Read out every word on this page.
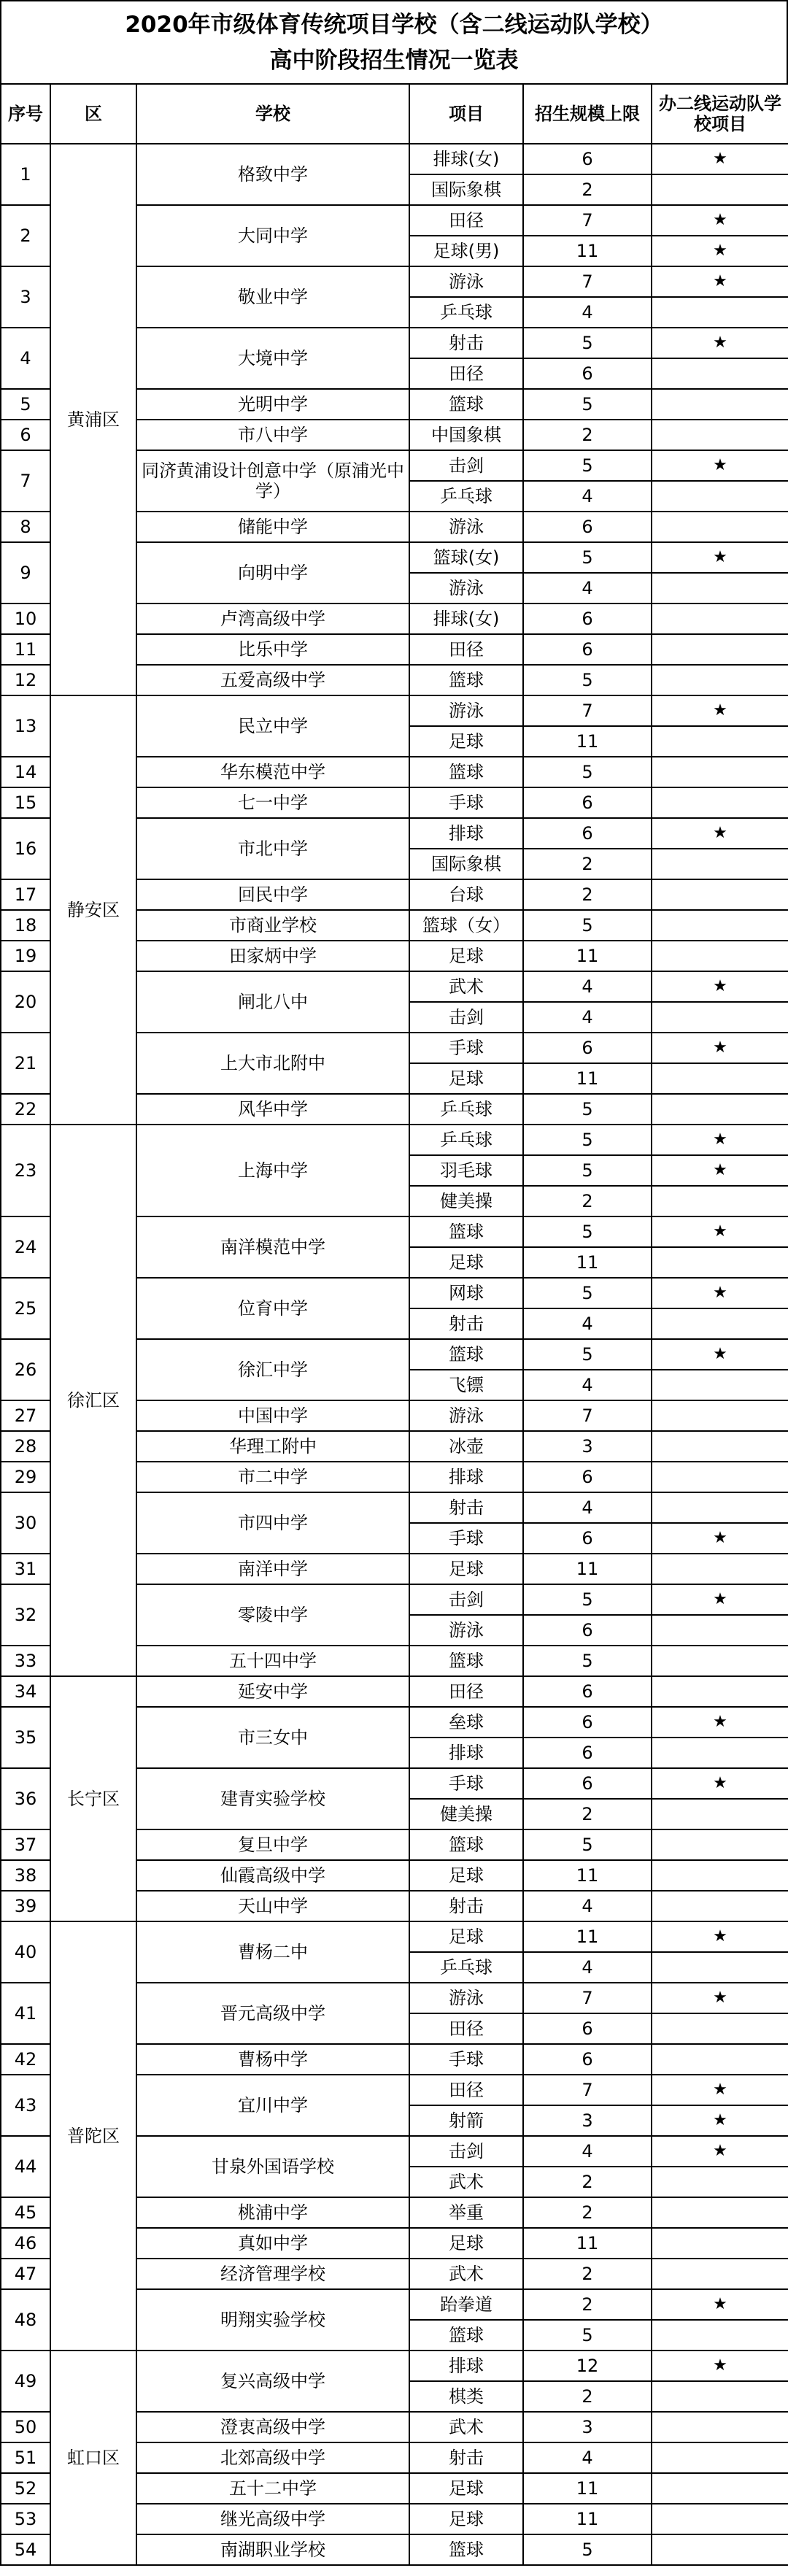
2020年市级体育传统项目学校（含二线运动队学校）
高中阶段招生情况一览表
序号	区	学校	项目	招生规模上限	办二线运动队学校项目
1	黄浦区	格致中学	排球(女)	6	★
			国际象棋	2	
2		大同中学	田径	7	★
			足球(男)	11	★
3		敬业中学	游泳	7	★
			乒乓球	4	
4		大境中学	射击	5	★
			田径	6	
5		光明中学	篮球	5	
6		市八中学	中国象棋	2	
7		同济黄浦设计创意中学（原浦光中学）	击剑	5	★
			乒乓球	4	
8		储能中学	游泳	6	
9		向明中学	篮球(女)	5	★
			游泳	4	
10		卢湾高级中学	排球(女)	6	
11		比乐中学	田径	6	
12		五爱高级中学	篮球	5	
13	静安区	民立中学	游泳	7	★
			足球	11	
14		华东模范中学	篮球	5	
15		七一中学	手球	6	
16		市北中学	排球	6	★
			国际象棋	2	
17		回民中学	台球	2	
18		市商业学校	篮球（女）	5	
19		田家炳中学	足球	11	
20		闸北八中	武术	4	★
			击剑	4	
21		上大市北附中	手球	6	★
			足球	11	
22		风华中学	乒乓球	5	
23	徐汇区	上海中学	乒乓球	5	★
			羽毛球	5	★
			健美操	2	
24		南洋模范中学	篮球	5	★
			足球	11	
25		位育中学	网球	5	★
			射击	4	
26		徐汇中学	篮球	5	★
			飞镖	4	
27		中国中学	游泳	7	
28		华理工附中	冰壶	3	
29		市二中学	排球	6	
30		市四中学	射击	4	
			手球	6	★
31		南洋中学	足球	11	
32		零陵中学	击剑	5	★
			游泳	6	
33		五十四中学	篮球	5	
34	长宁区	延安中学	田径	6	
35		市三女中	垒球	6	★
			排球	6	
36		建青实验学校	手球	6	★
			健美操	2	
37		复旦中学	篮球	5	
38		仙霞高级中学	足球	11	
39		天山中学	射击	4	
40	普陀区	曹杨二中	足球	11	★
			乒乓球	4	
41		晋元高级中学	游泳	7	★
			田径	6	
42		曹杨中学	手球	6	
43		宜川中学	田径	7	★
			射箭	3	★
44		甘泉外国语学校	击剑	4	★
			武术	2	
45		桃浦中学	举重	2	
46		真如中学	足球	11	
47		经济管理学校	武术	2	
48		明翔实验学校	跆拳道	2	★
			篮球	5	
49	虹口区	复兴高级中学	排球	12	★
			棋类	2	
50		澄衷高级中学	武术	3	
51		北郊高级中学	射击	4	
52		五十二中学	足球	11	
53		继光高级中学	足球	11	
54		南湖职业学校	篮球	5	
